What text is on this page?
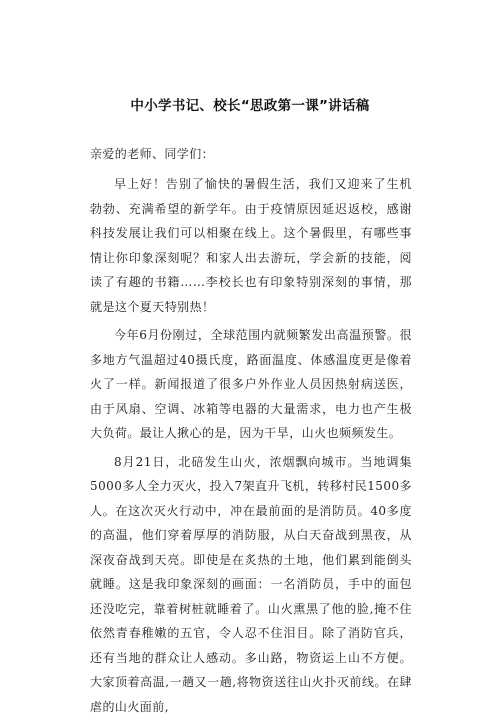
中小学书记、校长“思政第一课”讲话稿

亲爱的老师、同学们：

早上好！告别了愉快的暑假生活，我们又迎来了生机勃勃、充满希望的新学年。由于疫情原因延迟返校，感谢科技发展让我们可以相聚在线上。这个暑假里，有哪些事情让你印象深刻呢？和家人出去游玩，学会新的技能，阅读了有趣的书籍……李校长也有印象特别深刻的事情，那就是这个夏天特别热！

今年6月份刚过，全球范围内就频繁发出高温预警。很多地方气温超过40摄氏度，路面温度、体感温度更是像着火了一样。新闻报道了很多户外作业人员因热射病送医，由于风扇、空调、冰箱等电器的大量需求，电力也产生极大负荷。最让人揪心的是，因为干旱，山火也频频发生。

8月21日，北碚发生山火，浓烟飘向城市。当地调集5000多人全力灭火，投入7架直升飞机，转移村民1500多人。在这次灭火行动中，冲在最前面的是消防员。40多度的高温，他们穿着厚厚的消防服，从白天奋战到黑夜，从深夜奋战到天亮。即使是在炙热的土地，他们累到能倒头就睡。这是我印象深刻的画面：一名消防员，手中的面包还没吃完，靠着树桩就睡着了。山火熏黑了他的脸,掩不住依然青春稚嫩的五官，令人忍不住泪目。除了消防官兵，还有当地的群众让人感动。多山路，物资运上山不方便。大家顶着高温,一趟又一趟,将物资送往山火扑灭前线。在肆虐的山火面前,
